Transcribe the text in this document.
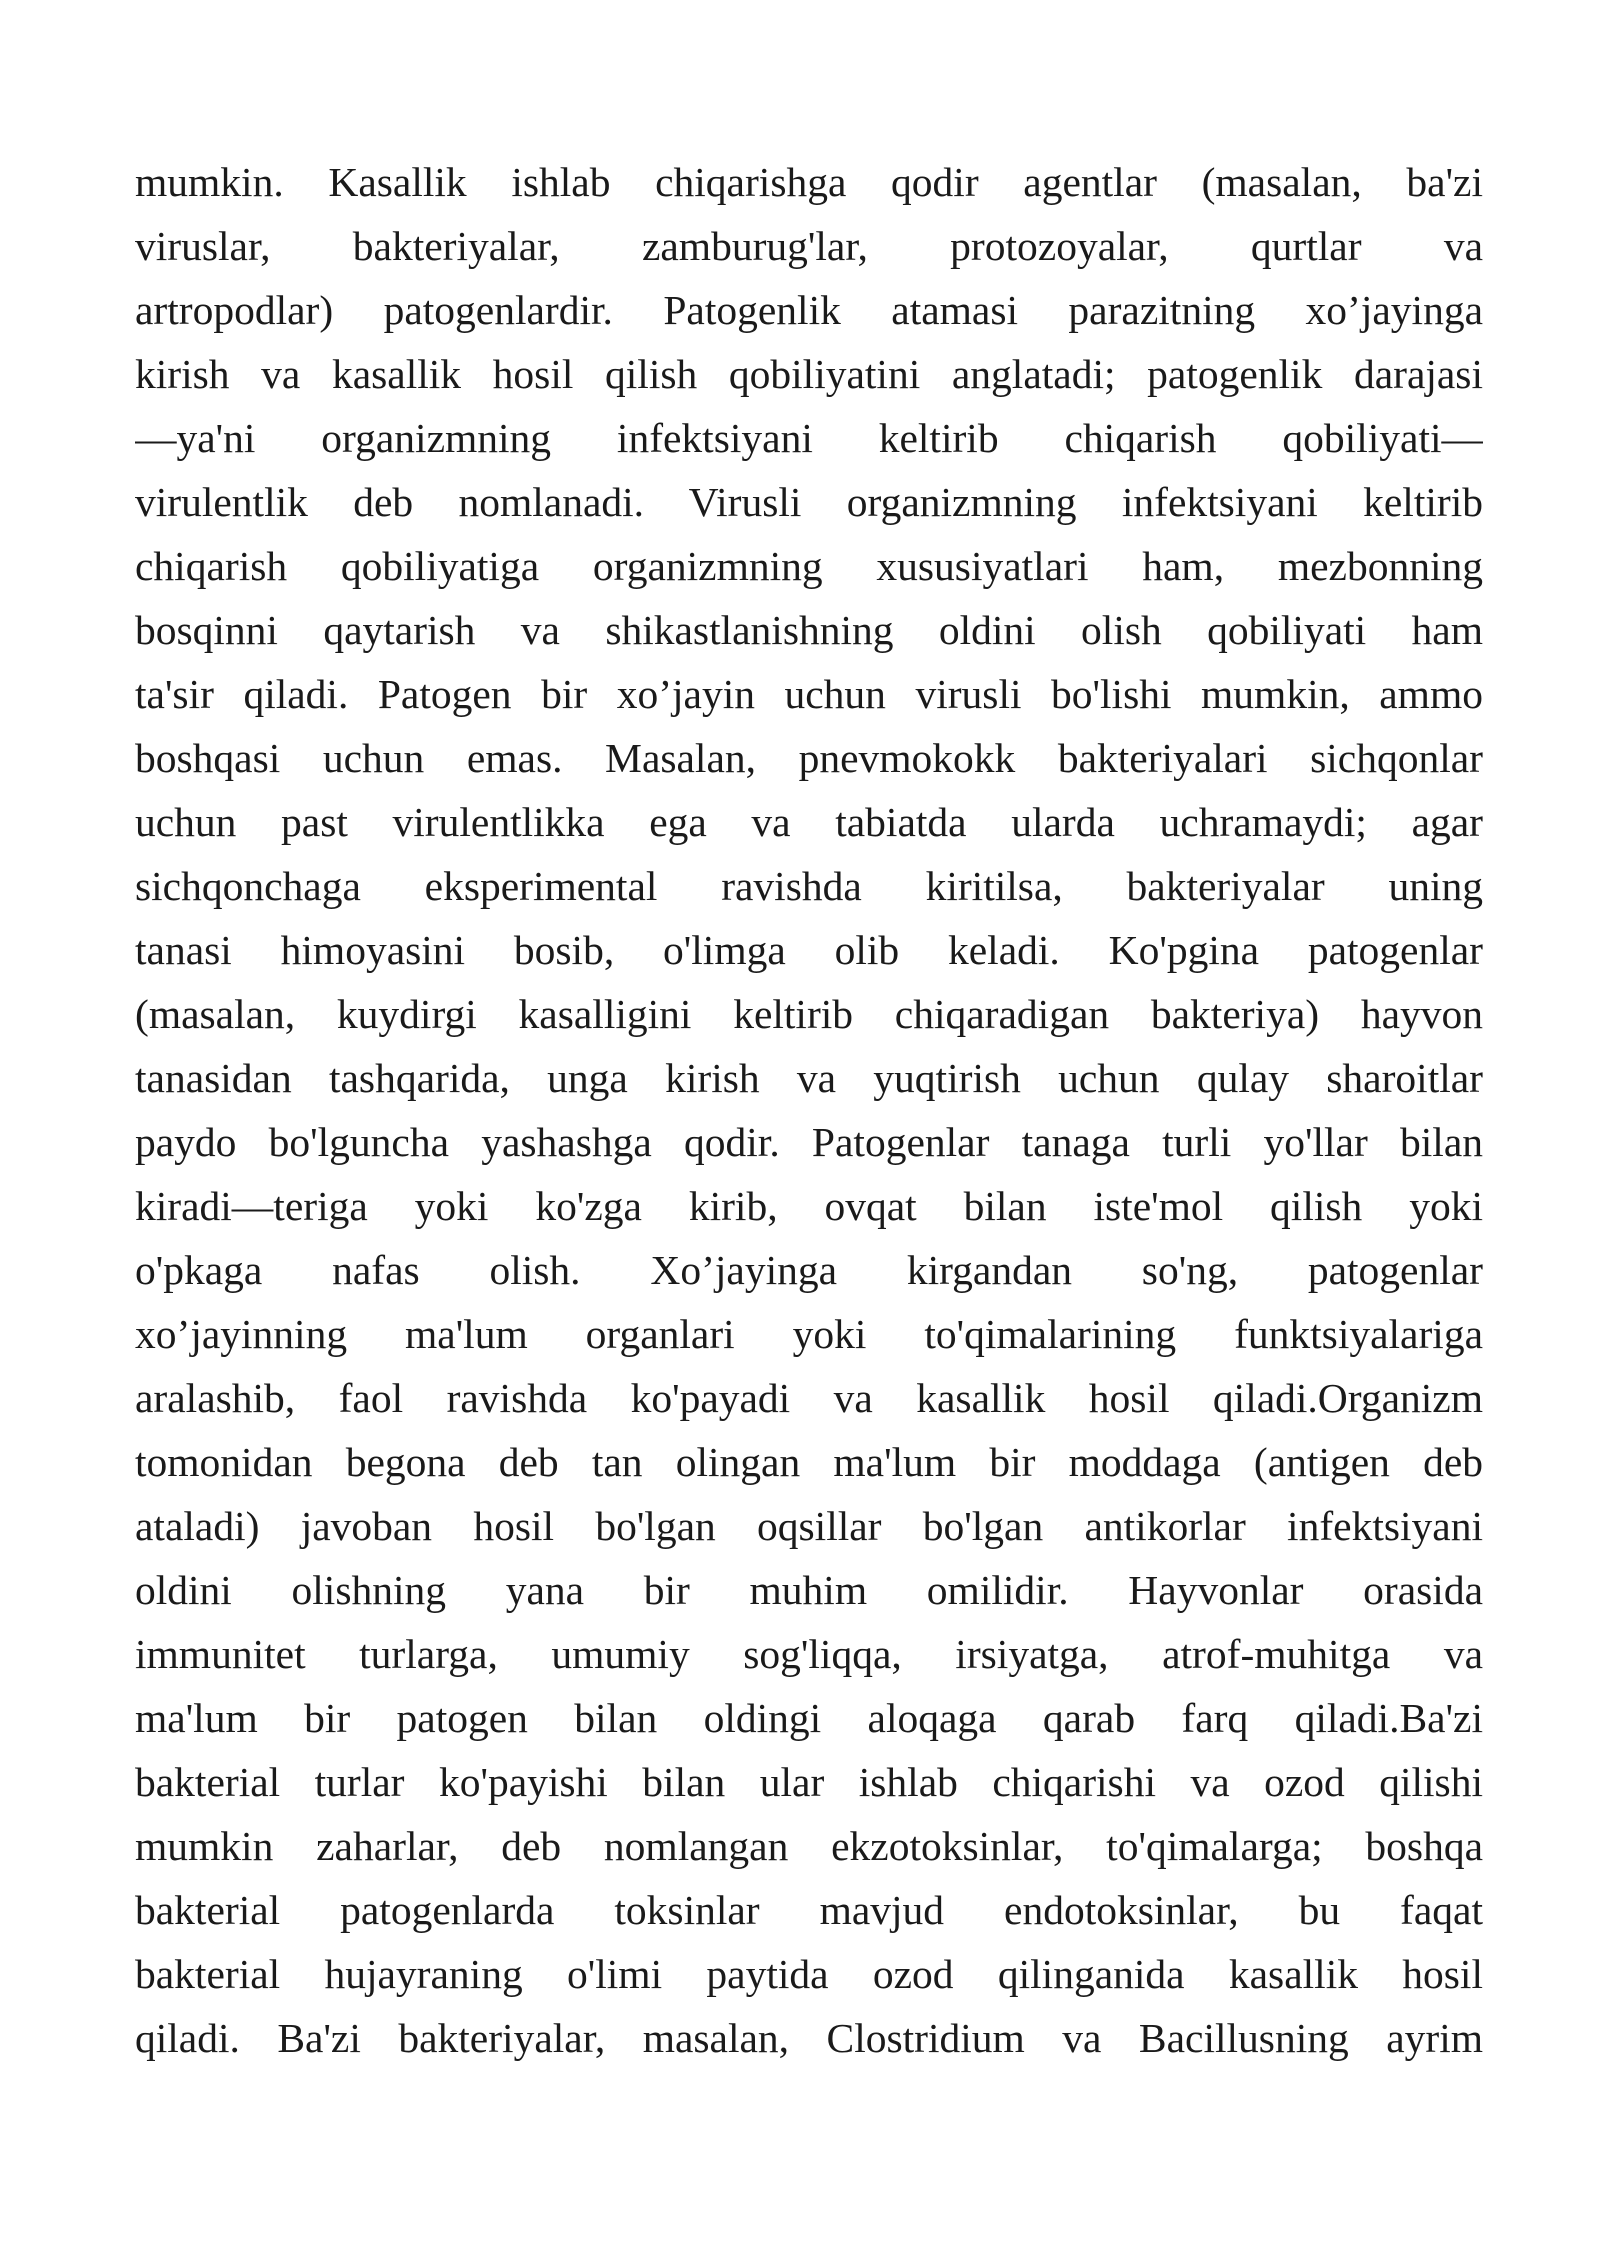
mumkin. Kasallik ishlab chiqarishga qodir agentlar (masalan, ba'zi
viruslar, bakteriyalar, zamburug'lar, protozoyalar, qurtlar va
artropodlar) patogenlardir. Patogenlik atamasi parazitning xo’jayinga
kirish va kasallik hosil qilish qobiliyatini anglatadi; patogenlik darajasi
—ya'ni organizmning infektsiyani keltirib chiqarish qobiliyati—
virulentlik deb nomlanadi. Virusli organizmning infektsiyani keltirib
chiqarish qobiliyatiga organizmning xususiyatlari ham, mezbonning
bosqinni qaytarish va shikastlanishning oldini olish qobiliyati ham
ta'sir qiladi. Patogen bir xo’jayin uchun virusli bo'lishi mumkin, ammo
boshqasi uchun emas. Masalan, pnevmokokk bakteriyalari sichqonlar
uchun past virulentlikka ega va tabiatda ularda uchramaydi; agar
sichqonchaga eksperimental ravishda kiritilsa, bakteriyalar uning
tanasi himoyasini bosib, o'limga olib keladi. Ko'pgina patogenlar
(masalan, kuydirgi kasalligini keltirib chiqaradigan bakteriya) hayvon
tanasidan tashqarida, unga kirish va yuqtirish uchun qulay sharoitlar
paydo bo'lguncha yashashga qodir. Patogenlar tanaga turli yo'llar bilan
kiradi—teriga yoki ko'zga kirib, ovqat bilan iste'mol qilish yoki
o'pkaga nafas olish. Xo’jayinga kirgandan so'ng, patogenlar
xo’jayinning ma'lum organlari yoki to'qimalarining funktsiyalariga
aralashib, faol ravishda ko'payadi va kasallik hosil qiladi.Organizm
tomonidan begona deb tan olingan ma'lum bir moddaga (antigen deb
ataladi) javoban hosil bo'lgan oqsillar bo'lgan antikorlar infektsiyani
oldini olishning yana bir muhim omilidir. Hayvonlar orasida
immunitet turlarga, umumiy sog'liqqa, irsiyatga, atrof-muhitga va
ma'lum bir patogen bilan oldingi aloqaga qarab farq qiladi.Ba'zi
bakterial turlar ko'payishi bilan ular ishlab chiqarishi va ozod qilishi
mumkin zaharlar, deb nomlangan ekzotoksinlar, to'qimalarga; boshqa
bakterial patogenlarda toksinlar mavjud endotoksinlar, bu faqat
bakterial hujayraning o'limi paytida ozod qilinganida kasallik hosil
qiladi. Ba'zi bakteriyalar, masalan, Clostridium va Bacillusning ayrim
